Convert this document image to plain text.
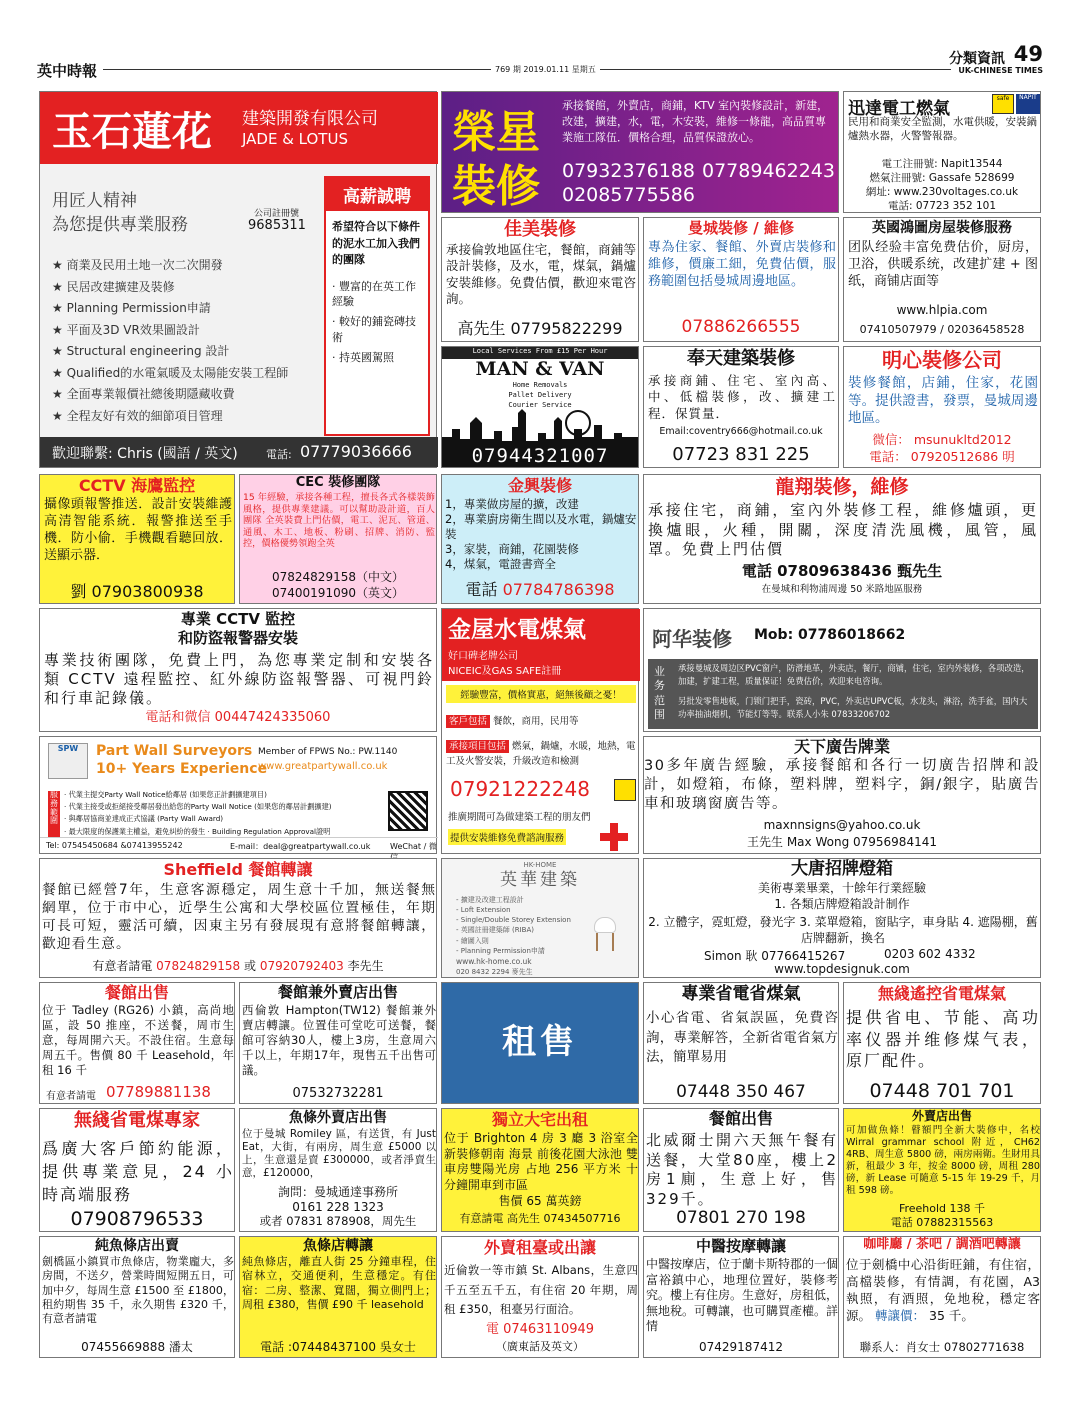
英中時報	769 期 2019.01.11 星期五
分類資訊 49
UK-CHINESE TIMES
玉石蓮花 建築開發有限公司
JADE & LOTUS
用匠人精神
為您提供專業服務
公司註冊號
9685311
★ 商業及民用土地一次二次開發
★ 民居改建擴建及裝修
★ Planning Permission申請
★ 平面及3D VR效果圖設計
★ Structural engineering 設計
★ Qualified的水電氣暖及太陽能安裝工程師
★ 全面專業報價社總後期隱藏收費
★ 全程友好有效的細節項目管理
高薪誠聘
希望符合以下條件的泥水工加入我們的團隊
· 豐富的在英工作經驗
· 較好的鋪瓷磚技術
· 持英國駕照
歡迎聯繫: Chris (國語 / 英文)	電話: 07779036666
榮星
裝修
承接餐館，外賣店，商鋪，KTV 室內裝修設計，新建，改建，擴建，水，電，木安裝，維修一條龍，高品質專業施工隊伍．價格合理，品質保證放心。
07932376188 07789462243
02085775586
迅達電工燃氣
safe	NAPIT
民用和商業安全監測，水電供暖，安裝鍋爐熱水器，火警警報器。
電工注冊號: Napit13544
燃氣注冊號: Gassafe 528699
網址: www.230voltages.co.uk
電話: 07723 352 101
佳美裝修
承接倫敦地區住宅，餐館，商鋪等設計裝修，及水，電，煤氣，鍋爐安裝維修。免費估價，歡迎來電咨詢。
高先生 07795822299
曼城裝修 / 維修
專為住家、餐館、外賣店裝修和維修，價廉工細，免費估價，服務範圍包括曼城周邊地區。
07886266555
英國鴻圖房屋裝修服務
团队经验丰富免费估价，厨房，卫浴，供暖系统，改建扩建 + 图纸，商铺店面等
www.hlpia.com
07410507979 / 02036458528
Local Services From £15 Per Hour
MAN & VAN
Home Removals
Pallet Delivery
Courier Service
07944321007
奉天建築裝修
承接商鋪、住宅、室內高、中、低檔裝修，改、擴建工程．保質量．
Email:coventry666@hotmail.co.uk
07723 831 225
明心裝修公司
裝修餐館，店鋪，住家，花園等。提供證書，發票，曼城周邊地區。
微信： msunukltd2012
電話： 07920512686 明
CCTV 海鷹監控
攝像頭報警推送．設計安裝維護高清智能系統．報警推送至手機．防小偷．手機觀看聽回放．送顯示器．
劉 07903800938
CEC 裝修團隊
15 年經驗，承接各種工程，擅長各式各樣裝飾風格，提供專業建議。可以幫助設計道，百人團隊 全英裝費上門估價，電工、泥瓦、管道、通風、木工、地板、粉刷、招牌、消防、監控，價格優勢領跑全英
07824829158（中文）
07400191090（英文）
金興裝修
1，專業做房屋的擴，改建
2，專業廚房衛生間以及水電，鍋爐安裝
3，家裝，商鋪，花園裝修
4，煤氣，電證書齊全
電話 07784786398
龍翔裝修，維修
承接住宅，商鋪，室內外裝修工程，維修爐頭，更換爐眼，火種，開關，深度清洗風機，風管，風罩。免費上門估價
電話 07809638436 甄先生
在曼城和利物浦周邊 50 米路地區服務
專業 CCTV 監控
和防盜報警器安裝
專業技術團隊，免費上門，為您專業定制和安裝各類 CCTV 遠程監控、紅外線防盜報警器、可視門鈴和行車記錄儀。
電話和微信 00447424335060
金屋水電煤氣
好口碑老牌公司
NICEIC及GAS SAFE註冊
經驗豐富，價格實惠，絕無後顧之憂！
客戶包括 餐飲，商用，民用等
承接項目包括 燃氣，鍋爐，水暖，地熱，電工及火警安裝，升級改造和檢測
07921222248
推廣期間可為做建築工程的朋友們
提供安裝維修免費諮詢服務
阿华装修 Mob: 07786018662
业务范围
承接曼城及周边区PVC窗户，防滑地革，外卖店，餐厅，商铺，住宅，室内外装修，各项改造，加建，扩建工程，质量保证！免费估价，欢迎来电咨询。
另批发零售地板，门锁门把手，瓷砖，PVC，外卖店UPVC板，水龙头，淋浴，洗手盆，国内大功率抽油烟机，节能灯等等。联系人小朱 07833206702
SPW	Part Wall Surveyors
10+ Years Experience
Member of FPWS No.: PW.1140
www.greatpartywall.co.uk
服務範圍
· 代業主提交Party Wall Notice給鄰居 (如果您正計劃擴建項目)
· 代業主接受或拒絕接受鄰居發出給您的Party Wall Notice (如果您的鄰居計劃擴建)
· 與鄰居協商並達成正式協議 (Party Wall Award)
· 最大限度的保護業主權益，避免糾紛的發生 · Building Regulation Approval證明
Tel: 07545450684 &07413955242	E-mail：deal@greatpartywall.co.uk WeChat / 微
天下廣告牌業
30多年廣告經驗，承接餐館和各行一切廣告招牌和設計，如燈箱，布條，塑料牌，塑料字，銅/銀字，貼廣告車和玻璃窗廣告等。
maxnnsigns@yahoo.co.uk
王先生 Max Wong 07956984141
Sheffield 餐館轉讓
餐館已經營7年，生意客源穩定，周生意十千加，無送餐無網單，位于市中心，近學生公寓和大學校區位置極佳，年期可長可短，靈活可續，因東主另有發展現有意將餐館轉讓，歡迎看生意。
有意者請電 07824829158 或 07920792403 李先生
HK-HOME
英華建築
- 擴建及改建工程設計
- Loft Extension
- Single/Double Storey Extension
- 英國註冊建築師 (RIBA)
- 繪圖入則
- Planning Permission申請
www.hk-home.co.uk
020 8432 2294 麥先生
大唐招牌燈箱
美術專業畢業，十餘年行業經驗
1. 各類店牌燈箱設計制作
2. 立體字，霓虹燈，發光字 3. 菜單燈箱，窗貼字，車身貼 4. 遮陽棚，舊店牌翻新，換名
Simon 耿 07766415267	0203 602 4332
www.topdesignuk.com
餐館出售
位于 Tadley (RG26) 小鎮，高尚地區，設 50 推座，不送餐，周市生意，每周開六天。不設住宿。生意每周五千。售價 80 千 Leasehold，年租 16 千
有意者請電 07789881138
餐館兼外賣店出售
西倫敦 Hampton(TW12) 餐館兼外賣店轉讓。位置佳可堂吃可送餐，餐館可容納30人，樓上3房，生意周六千以上，年期17年，現售五千出售可議。
07532732281
租售
專業省電省煤氣
小心省電、省氣誤區，免費咨詢，專業解答，全新省電省氣方法，簡單易用
07448 350 467
無綫遙控省電煤氣
提供省电、节能、高功率仪器并维修煤气表，原厂配件。
07448 701 701
無綫省電煤專家
爲廣大客戶節約能源，提供專業意見，24 小時高端服務
07908796533
魚條外賣店出售
位于曼城 Romiley 區，有送貨，有 Just Eat，大街，有兩房，周生意 £5000 以上，生意還是賣 £300000，或者淨賣生意，£120000，
詢問：曼城通達事務所
0161 228 1323
或者 07831 878908，周先生
獨立大宅出租
位于 Brighton 4 房 3 廳 3 浴室全新裝修朝南 海景 前後花園大泳池 雙車房雙陽光房 占地 256 平方米 十分鐘開車到市區
售價 65 萬英鎊
有意請電 高先生 07434507716
餐館出售
北威爾士開六天無午餐有送餐，大堂80座，樓上2房1廁，生意上好，售329千。
07801 270 198
外賣店出售
可加做魚條！瞽額門全新大裝修中，名校 Wirral grammar school 附近，CH62 4RB、周生意 5800 磅，兩房兩衛。生財用具新，租最少 3 年，按金 8000 磅，周租 280 磅，新 Lease 可隨意 5-15 年 19-29 千，月租 598 磅。
Freehold 138 千
電話 07882315563
純魚條店出賣
劍橋區小鎮買市魚條店，物業龐大，多房間，不送夕，營業時間短開五日，可加中夕，每周生意 £1500 至 £1800，租約期售 35 千，永久期售 £320 千，有意者請電
07455669888 潘太
魚條店轉讓
純魚條店，離直人街 25 分鐘車程，住宿林立，交通便利，生意穩定。有住宿：二房、整潔、寬闊，獨立側門上；周租 £380，售價 £90 千 leasehold
電話 :07448437100 吳女士
外賣租臺或出讓
近倫敦一等市鎮 St. Albans，生意四千五至五千五，有住宿 20 年期，周租 £350，租臺另行面洽。
電 07463110949
（廣東話及英文）
中醫按摩轉讓
中醫按摩店，位于蘭卡斯特郡的一個富裕鎮中心，地理位置好，裝修考究。樓上有住房。生意好，房租低，無地稅。可轉讓，也可購買產權。詳情
07429187412
咖啡廳 / 茶吧 / 調酒吧轉讓
位于劍橋中心沿街旺鋪，有住宿，高檔裝修，有情調，有花園，A3 執照，有酒照，免地稅，穩定客源。 轉讓價： 35 千。
聯系人：肖女士 07802771638
